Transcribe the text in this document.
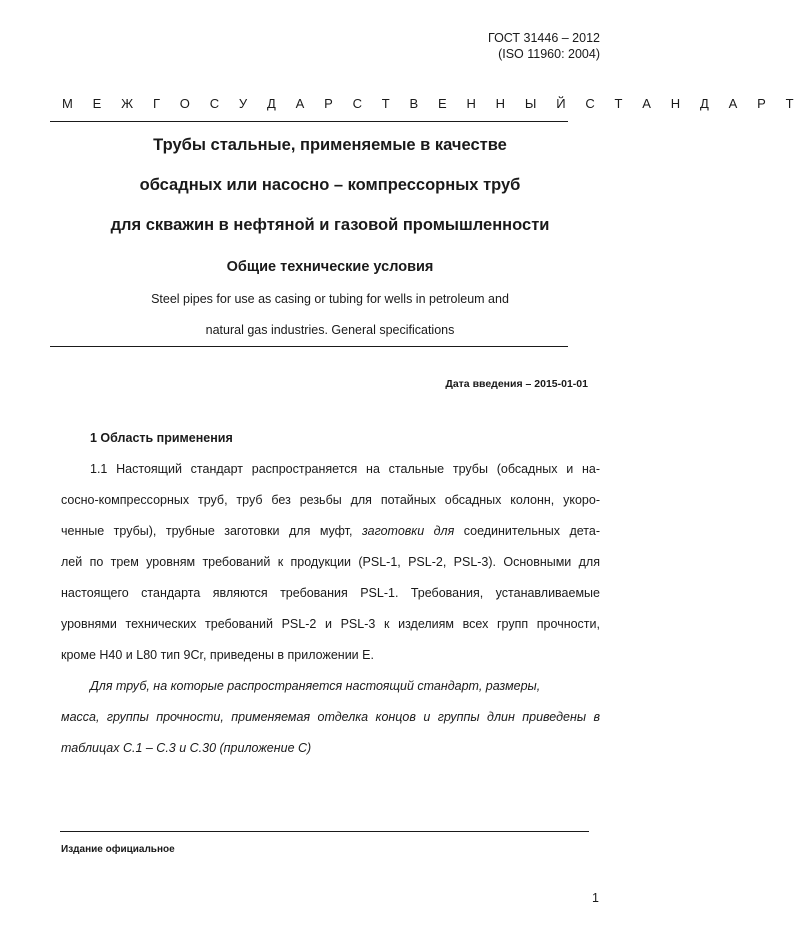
ГОСТ 31446 – 2012
(ISO 11960: 2004)
М Е Ж Г О С У Д А Р С Т В Е Н Н Ы Й С Т А Н Д А Р Т
Трубы стальные, применяемые в качестве
обсадных или насосно – компрессорных труб
для скважин в нефтяной и газовой промышленности
Общие технические условия
Steel pipes for use as casing or tubing for wells in petroleum and
natural gas industries. General specifications
Дата введения – 2015-01-01
1 Область применения
1.1 Настоящий стандарт распространяется на стальные трубы (обсадных и на-
сосно-компрессорных труб, труб без резьбы для потайных обсадных колонн, укоро-
ченные трубы), трубные заготовки для муфт, заготовки для соединительных дета-
лей по трем уровням требований к продукции (PSL-1, PSL-2, PSL-3). Основными для
настоящего стандарта являются требования PSL-1. Требования, устанавливаемые
уровнями технических требований PSL-2 и PSL-3 к изделиям всех групп прочности,
кроме Н40 и L80 тип 9Cr, приведены в приложении Е.
Для труб, на которые распространяется настоящий стандарт, размеры,
масса, группы прочности, применяемая отделка концов и группы длин приведены в
таблицах С.1 – С.3 и С.30 (приложение С)
Издание официальное
1
